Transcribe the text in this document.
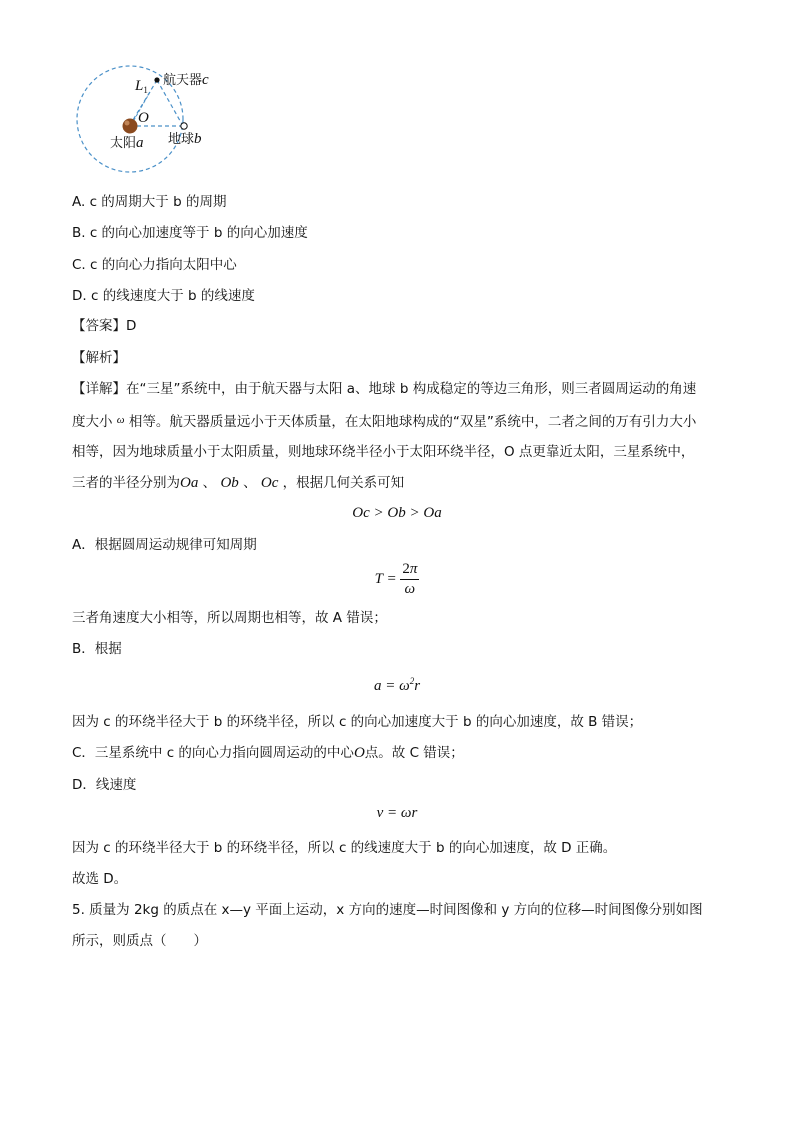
航天器c
$L_1$
O
太阳a 地球b
A. c 的周期大于 b 的周期
B. c 的向心加速度等于 b 的向心加速度
C. c 的向心力指向太阳中心
D. c 的线速度大于 b 的线速度
【答案】D
【解析】
【详解】在“三星”系统中，由于航天器与太阳 a、地球 b 构成稳定的等边三角形，则三者圆周运动的角速
度大小 $^\omega$ 相等。航天器质量远小于天体质量，在太阳地球构成的“双星”系统中，二者之间的万有引力大小
相等，因为地球质量小于太阳质量，则地球环绕半径小于太阳环绕半径，O 点更靠近太阳，三星系统中，
三者的半径分别为Oa 、 Ob 、 Oc ，根据几何关系可知
Oc > Ob > Oa
A．根据圆周运动规律可知周期
$T = \frac{2\pi}{\omega}$
三者角速度大小相等，所以周期也相等，故 A 错误；
B．根据
$a = \omega^2r$
因为 c 的环绕半径大于 b 的环绕半径，所以 c 的向心加速度大于 b 的向心加速度，故 B 错误；
C．三星系统中 c 的向心力指向圆周运动的中心O点。故 C 错误；
D．线速度
v = ωr
因为 c 的环绕半径大于 b 的环绕半径，所以 c 的线速度大于 b 的向心加速度，故 D 正确。
故选 D。
5. 质量为 2kg 的质点在 x—y 平面上运动，x 方向的速度—时间图像和 y 方向的位移—时间图像分别如图
所示，则质点（　　）
